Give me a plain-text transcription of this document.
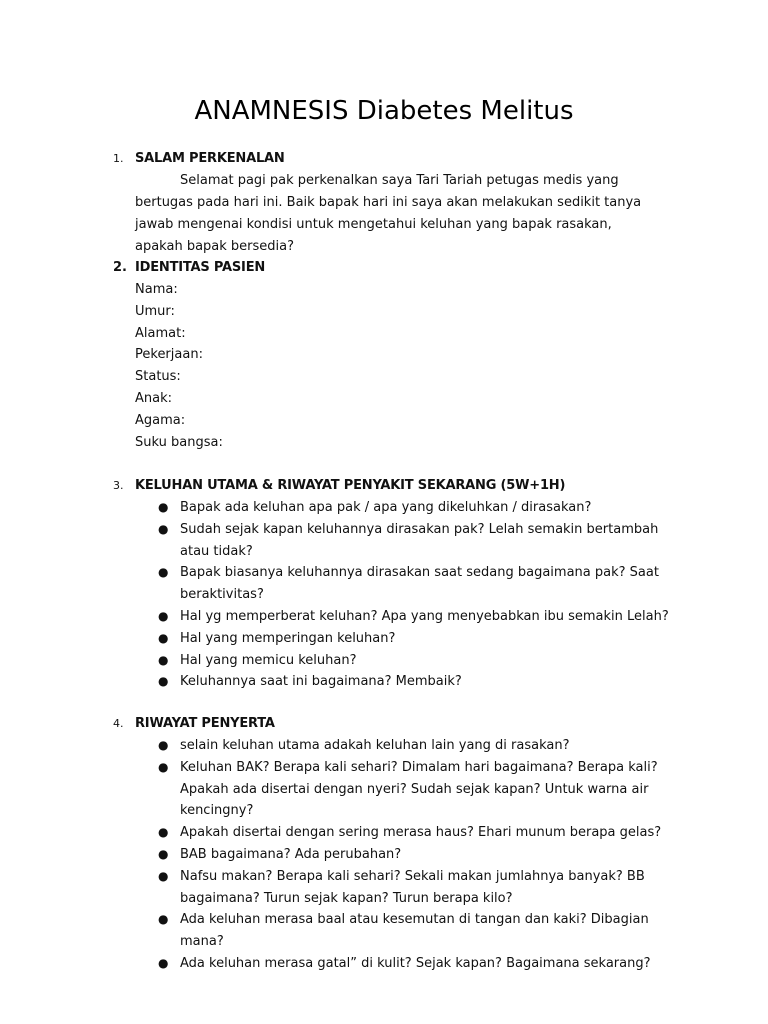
ANAMNESIS Diabetes Melitus
1. SALAM PERKENALAN

Selamat pagi pak perkenalkan saya Tari Tariah petugas medis yang bertugas pada hari ini. Baik bapak hari ini saya akan melakukan sedikit tanya jawab mengenai kondisi untuk mengetahui keluhan yang bapak rasakan, apakah bapak bersedia?

2. IDENTITAS PASIEN
Nama:
Umur:
Alamat:
Pekerjaan:
Status:
Anak:
Agama:
Suku bangsa:
3. KELUHAN UTAMA & RIWAYAT PENYAKIT SEKARANG (5W+1H)
● Bapak ada keluhan apa pak / apa yang dikeluhkan / dirasakan?
● Sudah sejak kapan keluhannya dirasakan pak? Lelah semakin bertambah atau tidak?
● Bapak biasanya keluhannya dirasakan saat sedang bagaimana pak? Saat beraktivitas?
● Hal yg memperberat keluhan? Apa yang menyebabkan ibu semakin Lelah?
● Hal yang memperingan keluhan?
● Hal yang memicu keluhan?
● Keluhannya saat ini bagaimana? Membaik?
4. RIWAYAT PENYERTA
● selain keluhan utama adakah keluhan lain yang di rasakan?
● Keluhan BAK? Berapa kali sehari? Dimalam hari bagaimana? Berapa kali? Apakah ada disertai dengan nyeri? Sudah sejak kapan? Untuk warna air kencingny?
● Apakah disertai dengan sering merasa haus? Ehari munum berapa gelas?
● BAB bagaimana? Ada perubahan?
● Nafsu makan? Berapa kali sehari? Sekali makan jumlahnya banyak? BB bagaimana? Turun sejak kapan? Turun berapa kilo?
● Ada keluhan merasa baal atau kesemutan di tangan dan kaki? Dibagian mana?
● Ada keluhan merasa gatal” di kulit? Sejak kapan? Bagaimana sekarang?
